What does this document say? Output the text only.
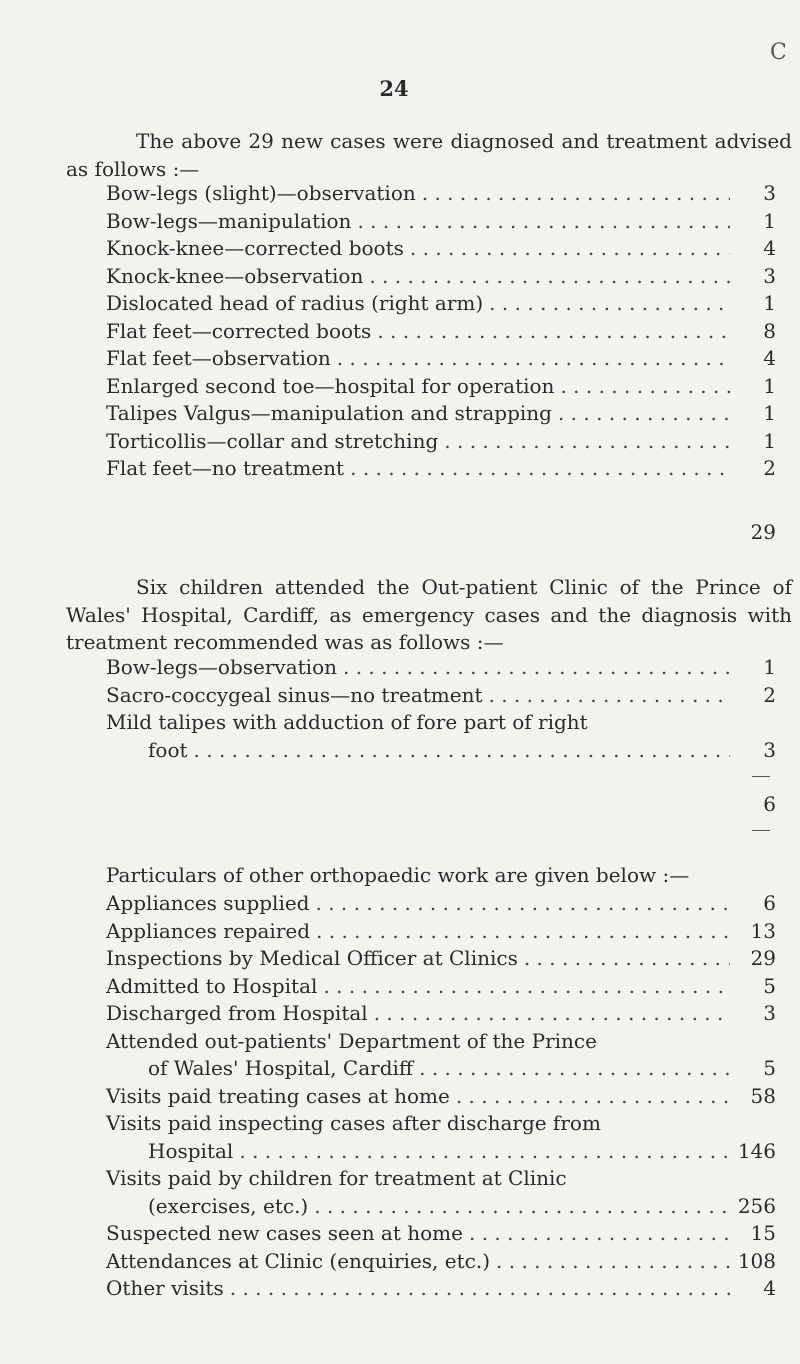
C
24

The above 29 new cases were diagnosed and treatment advised as follows :—

Bow-legs (slight)—observation . . .	3
Bow-legs—manipulation . . .	1
Knock-knee—corrected boots . . .	4
Knock-knee—observation . . .	3
Dislocated head of radius (right arm) . . .	1
Flat feet—corrected boots . . .	8
Flat feet—observation . . .	4
Enlarged second toe—hospital for operation . . .	1
Talipes Valgus—manipulation and strapping . . .	1
Torticollis—collar and stretching . . .	1
Flat feet—no treatment . . .	2
29

Six children attended the Out-patient Clinic of the Prince of Wales' Hospital, Cardiff, as emergency cases and the diagnosis with treatment recommended was as follows :—

Bow-legs—observation . . .	1
Sacro-coccygeal sinus—no treatment . . .	2
Mild talipes with adduction of fore part of right
foot . . .	3
6

Particulars of other orthopaedic work are given below :—

Appliances supplied . . .	6
Appliances repaired . . .	13
Inspections by Medical Officer at Clinics . . .	29
Admitted to Hospital . . .	5
Discharged from Hospital . . .	3
Attended out-patients' Department of the Prince
of Wales' Hospital, Cardiff . . .	5
Visits paid treating cases at home . . .	58
Visits paid inspecting cases after discharge from
Hospital . . .	146
Visits paid by children for treatment at Clinic
(exercises, etc.) . . .	256
Suspected new cases seen at home . . .	15
Attendances at Clinic (enquiries, etc.) . . .	108
Other visits . . .	4
